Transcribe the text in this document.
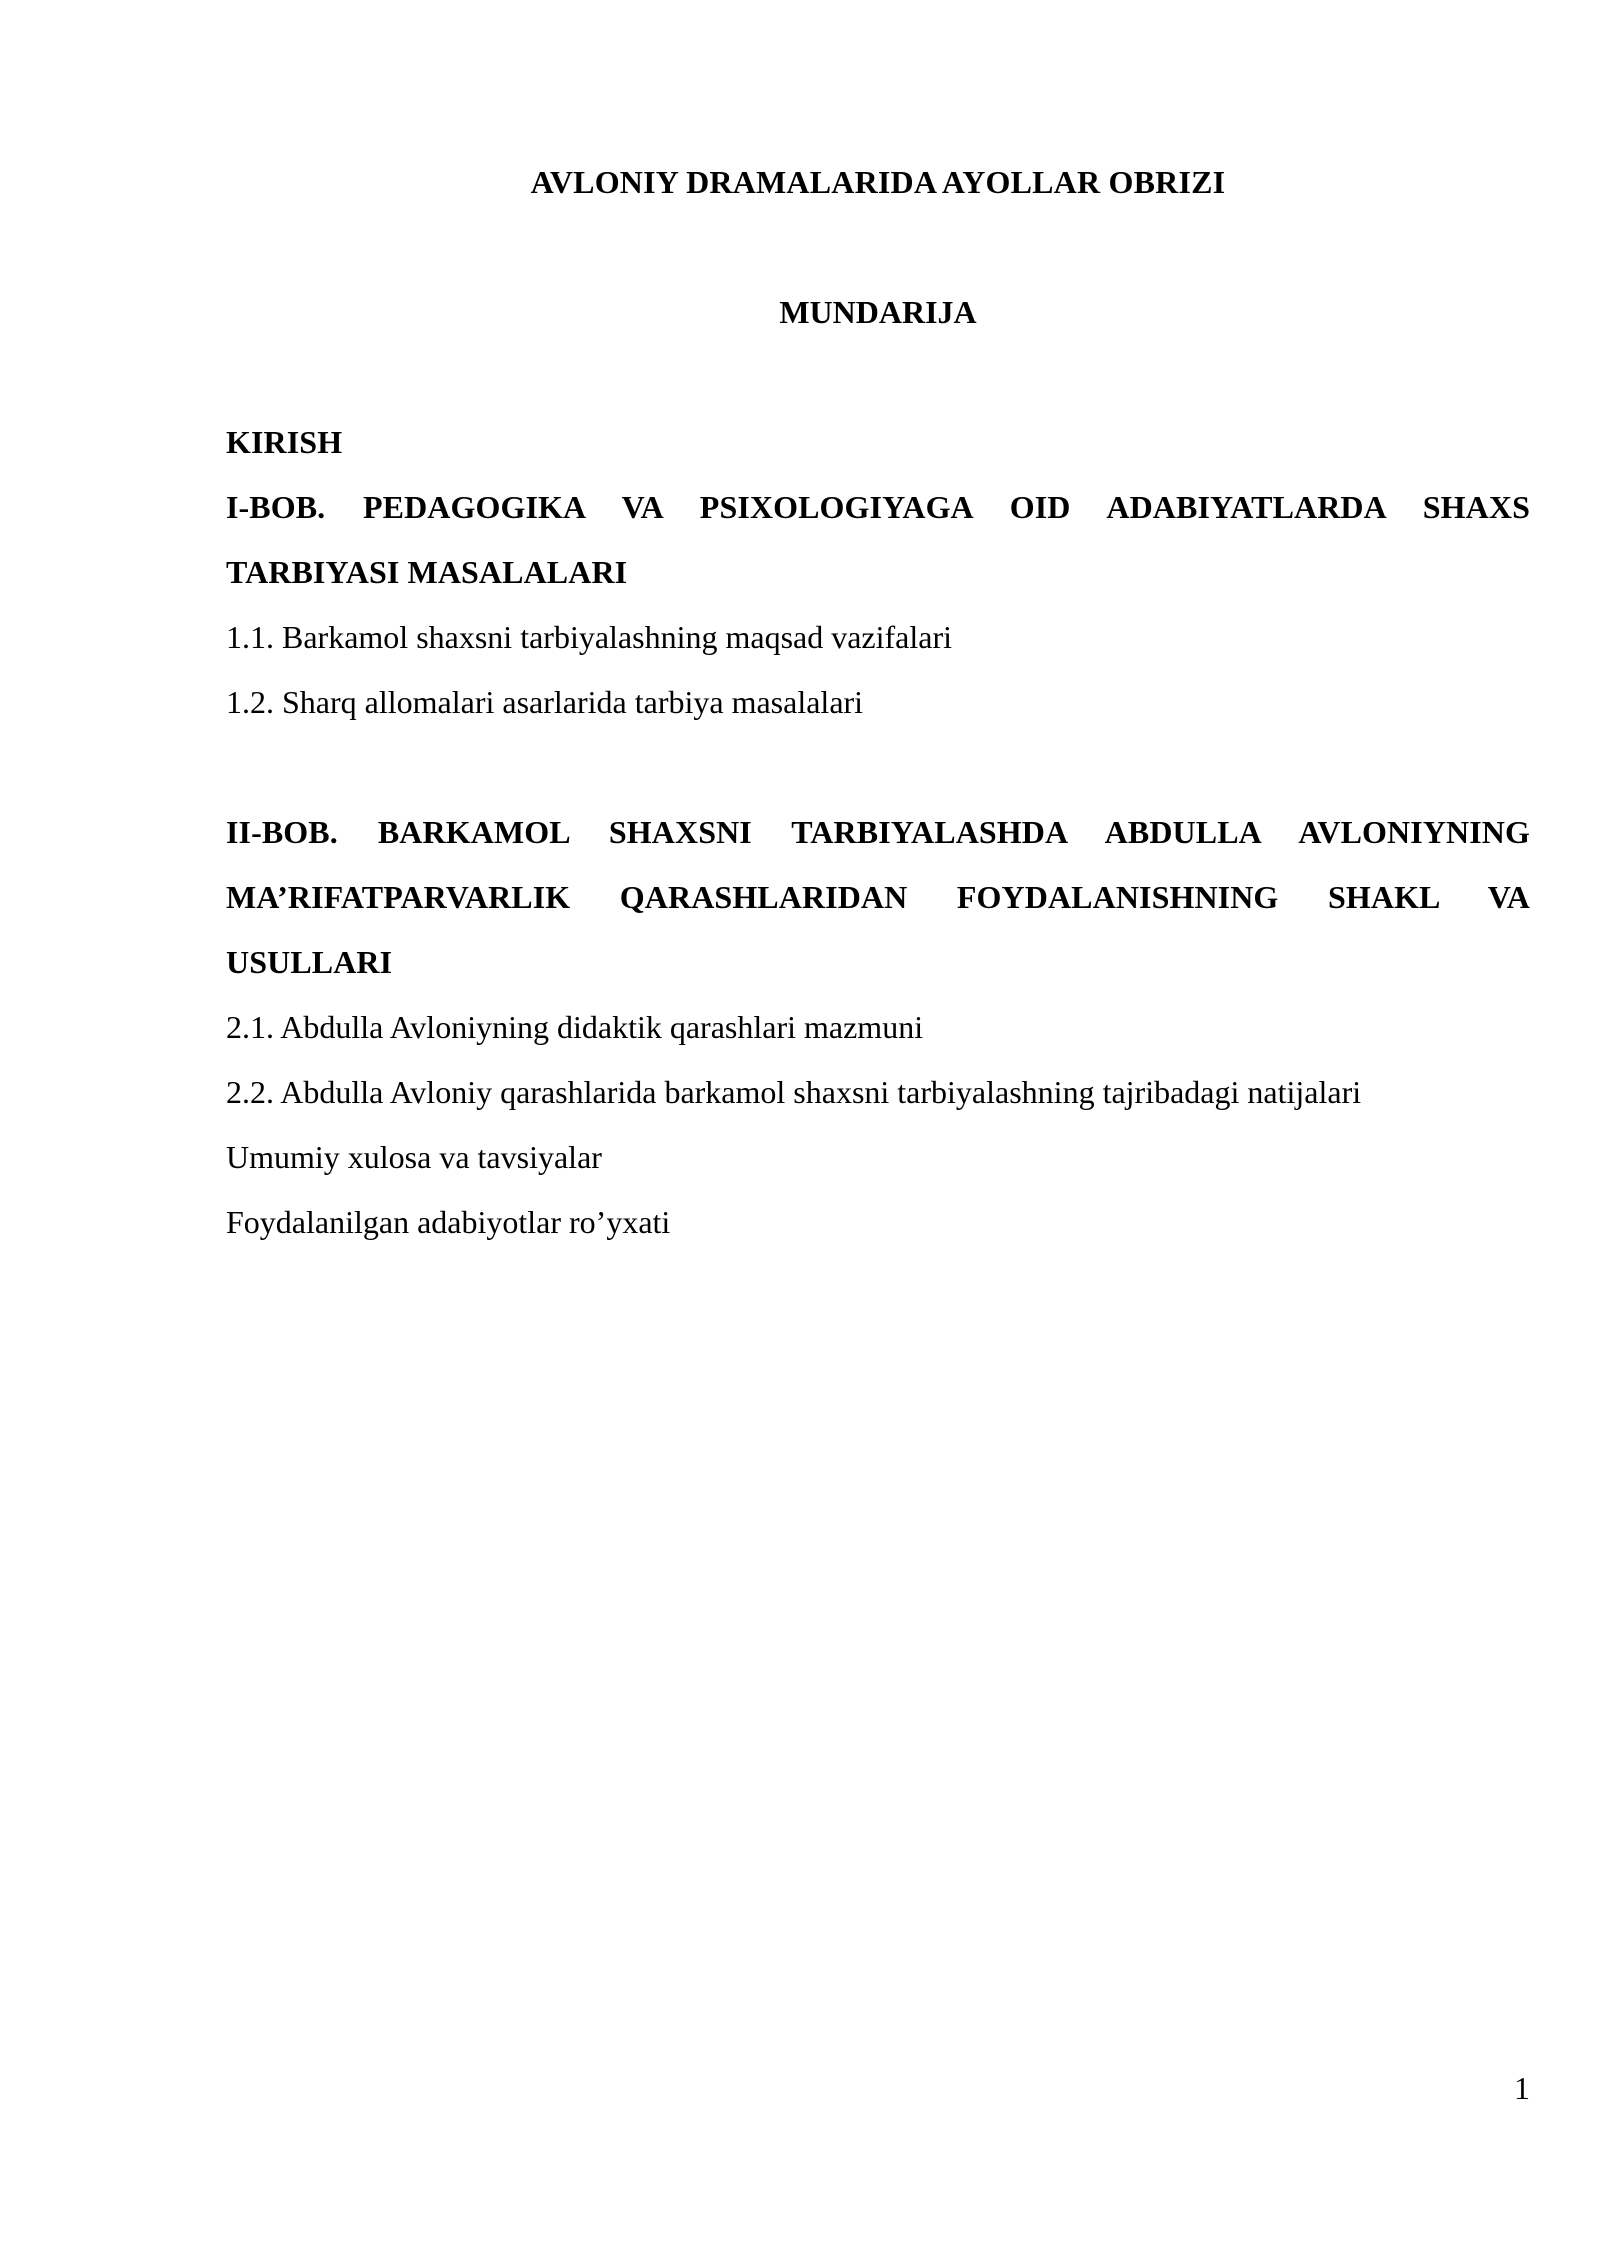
AVLONIY DRAMALARIDA AYOLLAR OBRIZI

MUNDARIJA

KIRISH

I-BOB. PEDAGOGIKA VA PSIXOLOGIYAGA OID ADABIYATLARDA SHAXS TARBIYASI MASALALARI

1.1. Barkamol shaxsni tarbiyalashning maqsad vazifalari

1.2. Sharq allomalari asarlarida tarbiya masalalari

II-BOB. BARKAMOL SHAXSNI TARBIYALASHDA ABDULLA AVLONIYNING MA’RIFATPARVARLIK QARASHLARIDAN FOYDALANISHNING SHAKL VA USULLARI

2.1. Abdulla Avloniyning didaktik qarashlari mazmuni

2.2. Abdulla Avloniy qarashlarida barkamol shaxsni tarbiyalashning tajribadagi natijalari

Umumiy xulosa va tavsiyalar

Foydalanilgan adabiyotlar ro’yxati

1
